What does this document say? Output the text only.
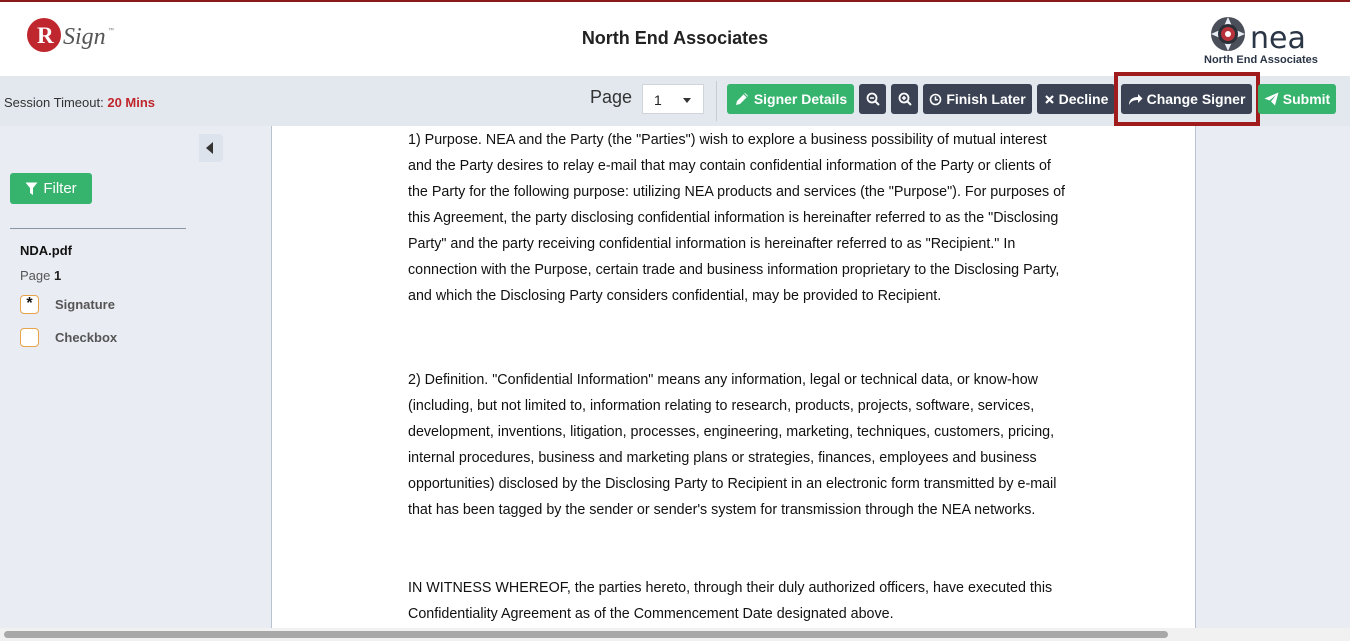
R Sign ™	North End Associates	nea
North End Associates
Session Timeout: 20 Mins	Page	1	Signer Details	Finish Later Decline	Change Signer	Submit
Filter
NDA.pdf
Page 1
*	Signature
Checkbox
1) Purpose. NEA and the Party (the "Parties") wish to explore a business possibility of mutual interest and the Party desires to relay e-mail that may contain confidential information of the Party or clients of the Party for the following purpose: utilizing NEA products and services (the "Purpose"). For purposes of this Agreement, the party disclosing confidential information is hereinafter referred to as the "Disclosing Party" and the party receiving confidential information is hereinafter referred to as "Recipient." In connection with the Purpose, certain trade and business information proprietary to the Disclosing Party, and which the Disclosing Party considers confidential, may be provided to Recipient.
2) Definition. "Confidential Information" means any information, legal or technical data, or know-how (including, but not limited to, information relating to research, products, projects, software, services, development, inventions, litigation, processes, engineering, marketing, techniques, customers, pricing, internal procedures, business and marketing plans or strategies, finances, employees and business opportunities) disclosed by the Disclosing Party to Recipient in an electronic form transmitted by e-mail that has been tagged by the sender or sender's system for transmission through the NEA networks.
IN WITNESS WHEREOF, the parties hereto, through their duly authorized officers, have executed this Confidentiality Agreement as of the Commencement Date designated above.
